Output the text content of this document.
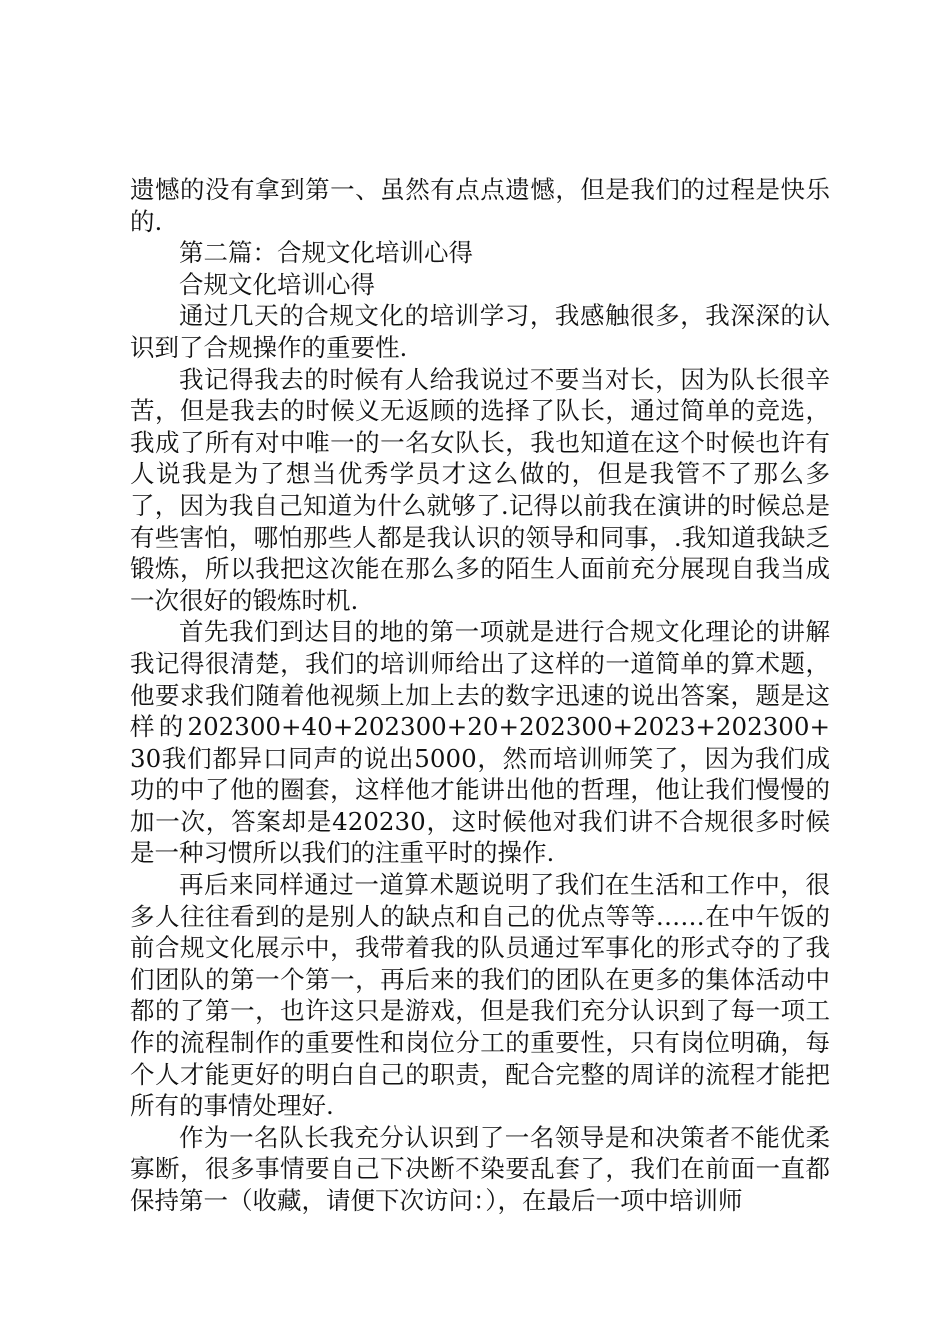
遗憾的没有拿到第一、虽然有点点遗憾，但是我们的过程是快乐的.

第二篇：合规文化培训心得

合规文化培训心得

通过几天的合规文化的培训学习，我感触很多，我深深的认识到了合规操作的重要性.

我记得我去的时候有人给我说过不要当对长，因为队长很辛苦，但是我去的时候义无返顾的选择了队长，通过简单的竞选，我成了所有对中唯一的一名女队长，我也知道在这个时候也许有人说我是为了想当优秀学员才这么做的，但是我管不了那么多了，因为我自己知道为什么就够了.记得以前我在演讲的时候总是有些害怕，哪怕那些人都是我认识的领导和同事，.我知道我缺乏锻炼，所以我把这次能在那么多的陌生人面前充分展现自我当成一次很好的锻炼时机.

首先我们到达目的地的第一项就是进行合规文化理论的讲解我记得很清楚，我们的培训师给出了这样的一道简单的算术题，他要求我们随着他视频上加上去的数字迅速的说出答案，题是这样的202300+40+202300+20+202300+2023+202300+30我们都异口同声的说出5000，然而培训师笑了，因为我们成功的中了他的圈套，这样他才能讲出他的哲理，他让我们慢慢的加一次，答案却是420230，这时候他对我们讲不合规很多时候是一种习惯所以我们的注重平时的操作.

再后来同样通过一道算术题说明了我们在生活和工作中，很多人往往看到的是别人的缺点和自己的优点等等……在中午饭的前合规文化展示中，我带着我的队员通过军事化的形式夺的了我们团队的第一个第一，再后来的我们的团队在更多的集体活动中都的了第一，也许这只是游戏，但是我们充分认识到了每一项工作的流程制作的重要性和岗位分工的重要性，只有岗位明确，每个人才能更好的明白自己的职责，配合完整的周详的流程才能把所有的事情处理好.

作为一名队长我充分认识到了一名领导是和决策者不能优柔寡断，很多事情要自己下决断不染要乱套了，我们在前面一直都保持第一（收藏，请便下次访问：），在最后一项中培训师
